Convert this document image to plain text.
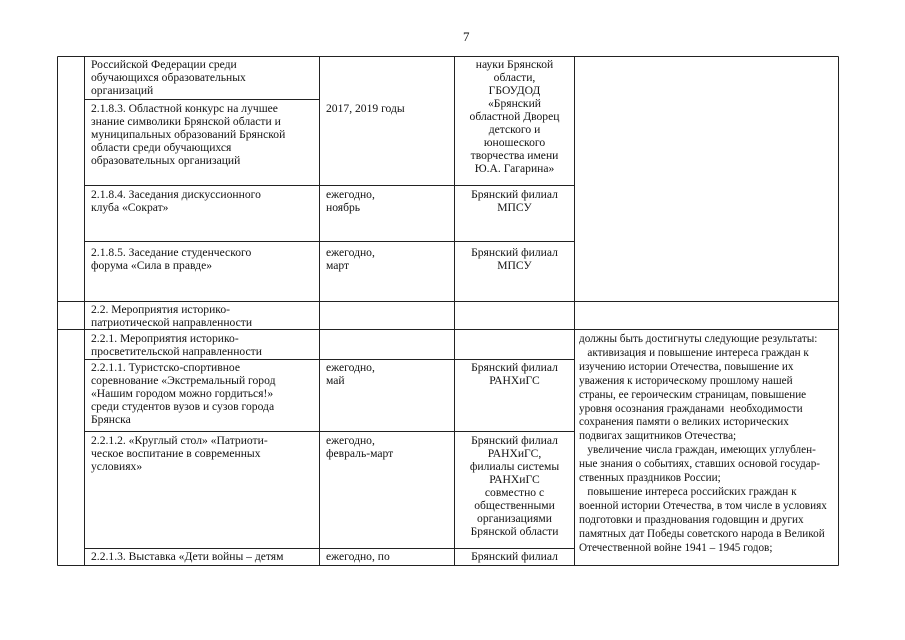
7
Российской Федерации среди
обучающихся образовательных
организаций
науки Брянской
области,
ГБОУДОД
«Брянский
областной Дворец
детского и
юношеского
творчества имени
Ю.А. Гагарина»
2.1.8.3. Областной конкурс на лучшее
знание символики Брянской области и
муниципальных образований Брянской
области среди обучающихся
образовательных организаций
2017, 2019 годы
2.1.8.4. Заседания дискуссионного
клуба «Сократ»
ежегодно,
ноябрь
Брянский филиал
МПСУ
2.1.8.5. Заседание студенческого
форума «Сила в правде»
ежегодно,
март
Брянский филиал
МПСУ
2.2. Мероприятия историко-
патриотической направленности
2.2.1. Мероприятия историко-
просветительской направленности
2.2.1.1. Туристско-спортивное
соревнование «Экстремальный город
«Нашим городом можно гордиться!»
среди студентов вузов и сузов города
Брянска
ежегодно,
май
Брянский филиал
РАНХиГС
2.2.1.2. «Круглый стол» «Патриоти-
ческое воспитание в современных
условиях»
ежегодно,
февраль-март
Брянский филиал
РАНХиГС,
филиалы системы
РАНХиГС
совместно с
общественными
организациями
Брянской области
2.2.1.3. Выставка «Дети войны – детям	ежегодно, по	Брянский филиал
должны быть достигнуты следующие результаты:
активизация и повышение интереса граждан к
изучению истории Отечества, повышение их
уважения к историческому прошлому нашей
страны, ее героическим страницам, повышение
уровня осознания гражданами  необходимости
сохранения памяти о великих исторических
подвигах защитников Отечества;
увеличение числа граждан, имеющих углублен-
ные знания о событиях, ставших основой государ-
ственных праздников России;
повышение интереса российских граждан к
военной истории Отечества, в том числе в условиях
подготовки и празднования годовщин и других
памятных дат Победы советского народа в Великой
Отечественной войне 1941 – 1945 годов;
